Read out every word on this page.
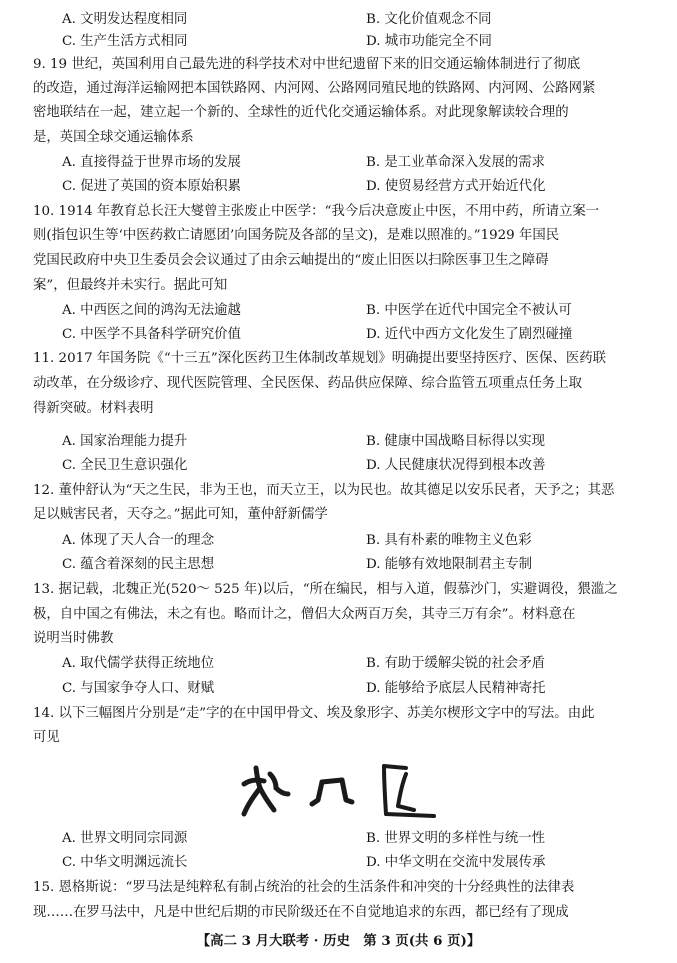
A. 文明发达程度相同	B. 文化价值观念不同
C. 生产生活方式相同	D. 城市功能完全不同
9. 19 世纪，英国利用自己最先进的科学技术对中世纪遗留下来的旧交通运输体制进行了彻底
的改造，通过海洋运输网把本国铁路网、内河网、公路网同殖民地的铁路网、内河网、公路网紧
密地联结在一起，建立起一个新的、全球性的近代化交通运输体系。对此现象解读较合理的
是，英国全球交通运输体系
A. 直接得益于世界市场的发展	B. 是工业革命深入发展的需求
C. 促进了英国的资本原始积累	D. 使贸易经营方式开始近代化
10. 1914 年教育总长汪大燮曾主张废止中医学：“我今后决意废止中医，不用中药，所请立案一
则(指包识生等‘中医药救亡请愿团’向国务院及各部的呈文)，是难以照准的。”1929 年国民
党国民政府中央卫生委员会会议通过了由余云岫提出的“废止旧医以扫除医事卫生之障碍
案”，但最终并未实行。据此可知
A. 中西医之间的鸿沟无法逾越	B. 中医学在近代中国完全不被认可
C. 中医学不具备科学研究价值	D. 近代中西方文化发生了剧烈碰撞
11. 2017 年国务院《“十三五”深化医药卫生体制改革规划》明确提出要坚持医疗、医保、医药联
动改革，在分级诊疗、现代医院管理、全民医保、药品供应保障、综合监管五项重点任务上取
得新突破。材料表明
A. 国家治理能力提升	B. 健康中国战略目标得以实现
C. 全民卫生意识强化	D. 人民健康状况得到根本改善
12. 董仲舒认为“天之生民，非为王也，而天立王，以为民也。故其德足以安乐民者，天予之；其恶
足以贼害民者，天夺之。”据此可知，董仲舒新儒学
A. 体现了天人合一的理念	B. 具有朴素的唯物主义色彩
C. 蕴含着深刻的民主思想	D. 能够有效地限制君主专制
13. 据记载，北魏正光(520～ 525 年)以后，“所在编民，相与入道，假慕沙门，实避调役，猥滥之
极，自中国之有佛法，未之有也。略而计之，僧侣大众两百万矣，其寺三万有余”。材料意在
说明当时佛教
A. 取代儒学获得正统地位	B. 有助于缓解尖锐的社会矛盾
C. 与国家争夺人口、财赋	D. 能够给予底层人民精神寄托
14. 以下三幅图片分别是“走”字的在中国甲骨文、埃及象形字、苏美尔楔形文字中的写法。由此
可见
A. 世界文明同宗同源	B. 世界文明的多样性与统一性
C. 中华文明渊远流长	D. 中华文明在交流中发展传承
15. 恩格斯说：“罗马法是纯粹私有制占统治的社会的生活条件和冲突的十分经典性的法律表
现……在罗马法中，凡是中世纪后期的市民阶级还在不自觉地追求的东西，都已经有了现成
【高二 3 月大联考 · 历史　第 3 页(共 6 页)】
